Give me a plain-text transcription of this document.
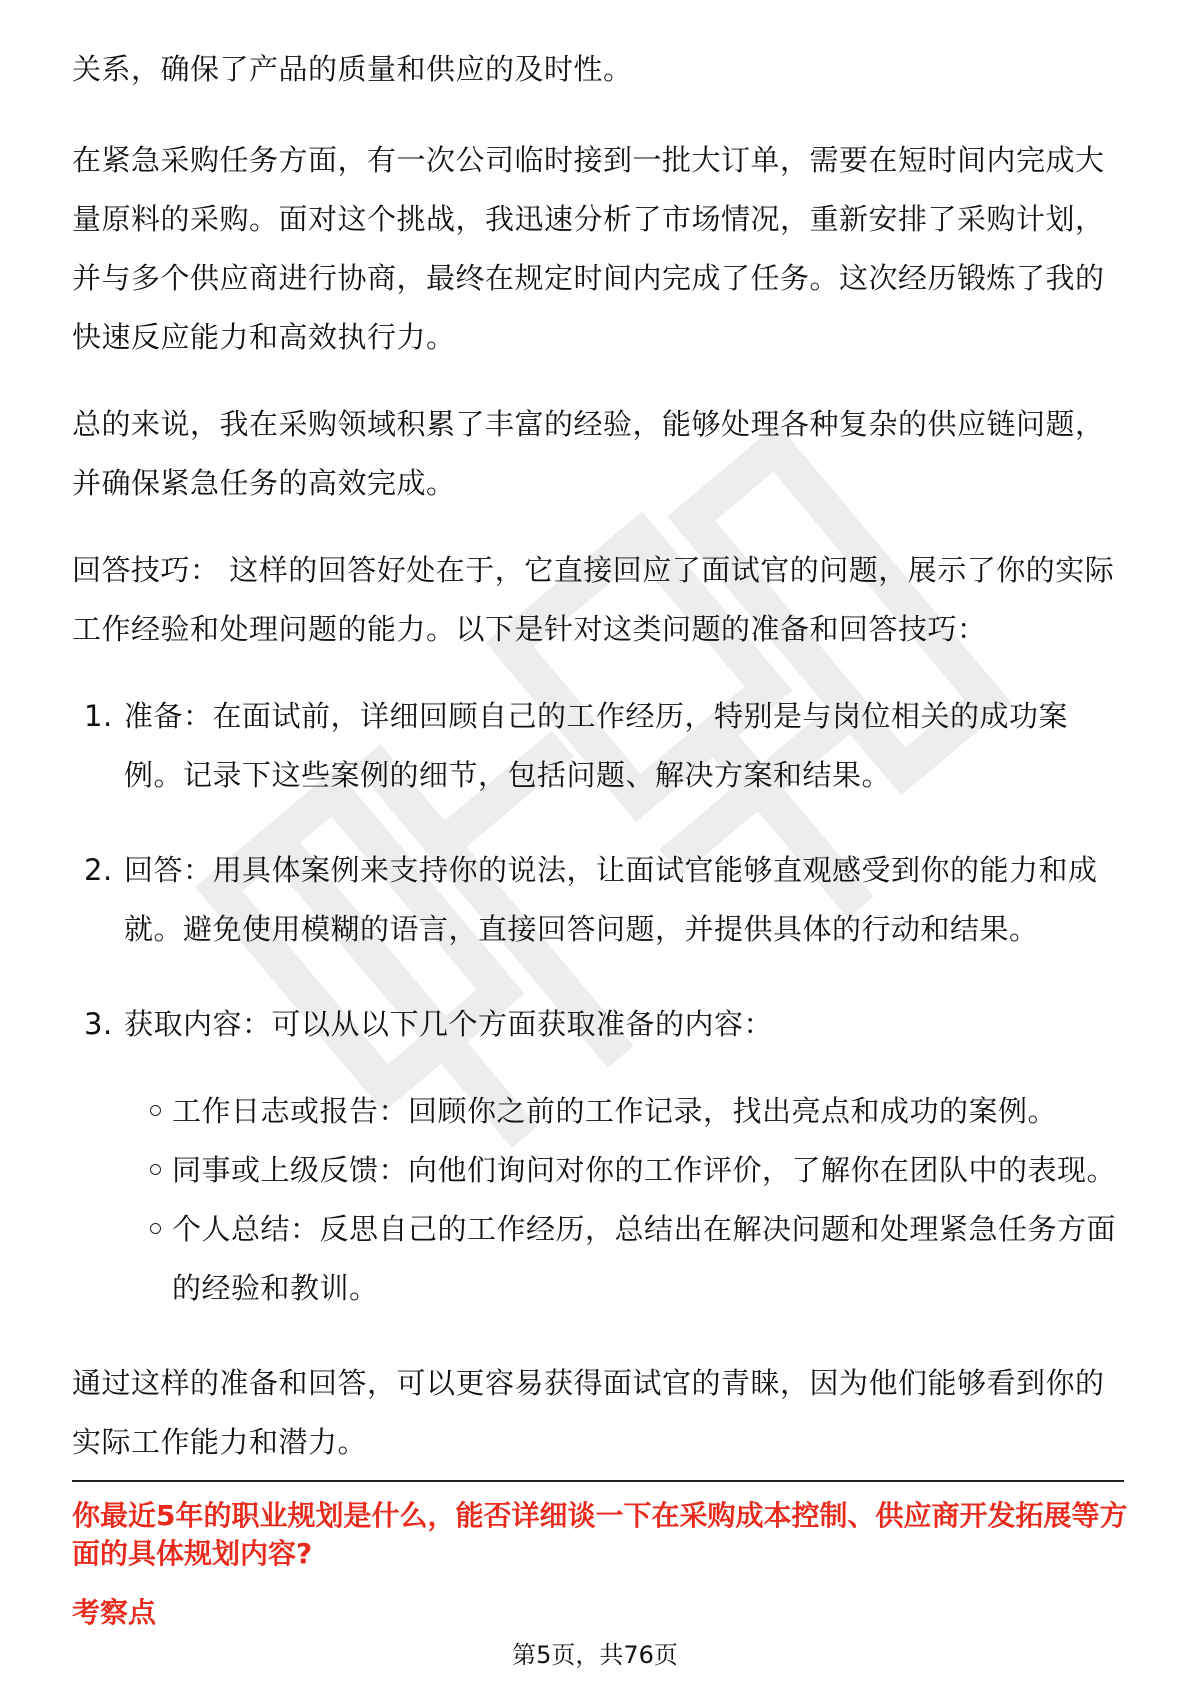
关系，确保了产品的质量和供应的及时性。

在紧急采购任务方面，有一次公司临时接到一批大订单，需要在短时间内完成大量原料的采购。面对这个挑战，我迅速分析了市场情况，重新安排了采购计划，并与多个供应商进行协商，最终在规定时间内完成了任务。这次经历锻炼了我的快速反应能力和高效执行力。

总的来说，我在采购领域积累了丰富的经验，能够处理各种复杂的供应链问题，并确保紧急任务的高效完成。

回答技巧： 这样的回答好处在于，它直接回应了面试官的问题，展示了你的实际工作经验和处理问题的能力。以下是针对这类问题的准备和回答技巧：

1. 准备：在面试前，详细回顾自己的工作经历，特别是与岗位相关的成功案例。记录下这些案例的细节，包括问题、解决方案和结果。
2. 回答：用具体案例来支持你的说法，让面试官能够直观感受到你的能力和成就。避免使用模糊的语言，直接回答问题，并提供具体的行动和结果。
3. 获取内容：可以从以下几个方面获取准备的内容：
工作日志或报告：回顾你之前的工作记录，找出亮点和成功的案例。
同事或上级反馈：向他们询问对你的工作评价，了解你在团队中的表现。
个人总结：反思自己的工作经历，总结出在解决问题和处理紧急任务方面的经验和教训。

通过这样的准备和回答，可以更容易获得面试官的青睐，因为他们能够看到你的实际工作能力和潜力。

你最近5年的职业规划是什么，能否详细谈一下在采购成本控制、供应商开发拓展等方面的具体规划内容?
考察点
第5页，共76页
